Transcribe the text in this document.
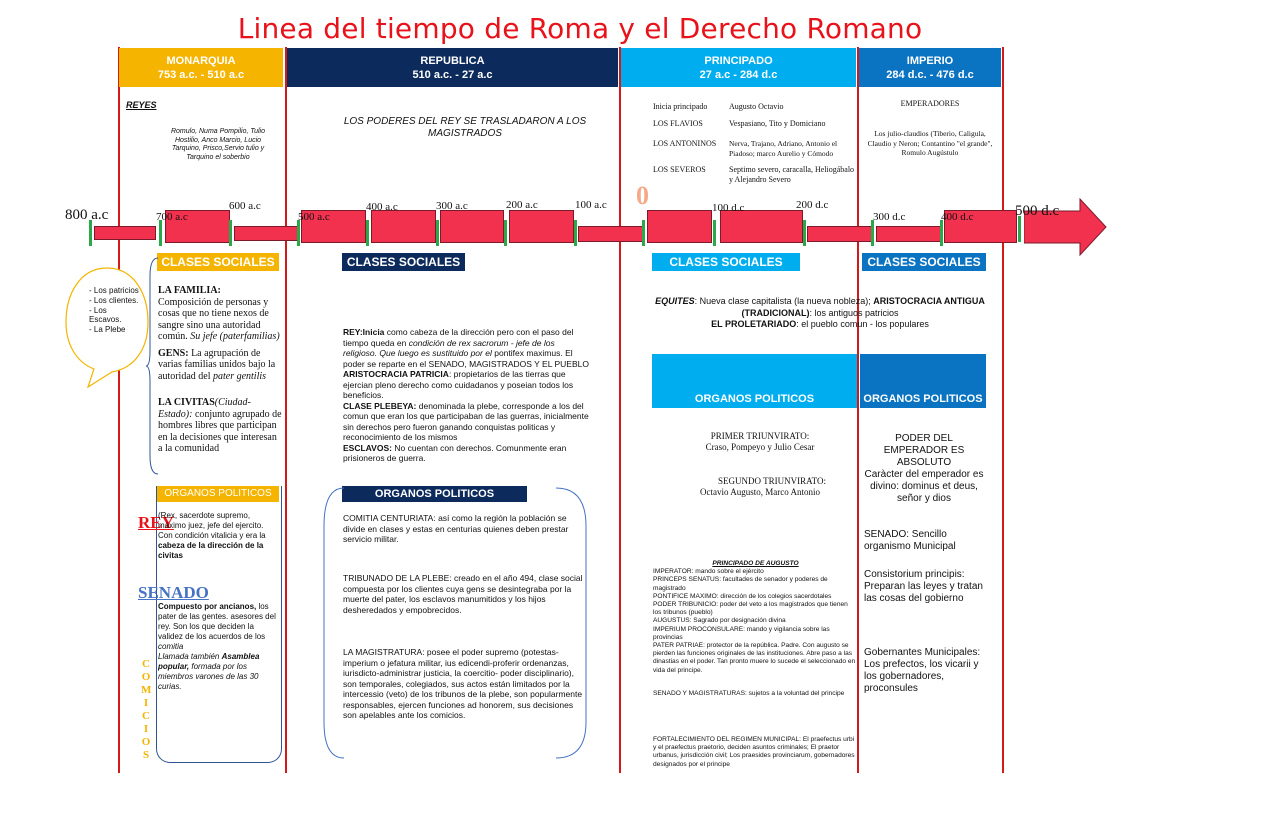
Linea del tiempo de Roma y el Derecho Romano
MONARQUIA
753 a.c. - 510 a.c
REPUBLICA
510 a.c. - 27 a.c
PRINCIPADO
27 a.c - 284 d.c
IMPERIO
284 d.c. - 476 d.c
REYES
Romulo, Numa Pompilio, Tulio Hostilio, Anco Marcio, Lucio Tarquino, Prisco,Servio tulio y Tarquino el soberbio
LOS PODERES DEL REY SE TRASLADARON A LOS MAGISTRADOS
Inicia principado	Augusto Octavio
LOS FLAVIOS	Vespasiano, Tito y Domiciano
LOS ANTONINOS	Nerva, Trajano, Adriano, Antonio el Piadoso; marco Aurelio y Cómodo
LOS SEVEROS	Septimo severo, caracalla, Heliogábalo y Alejandro Severo
EMPERADORES
Los julio-claudios (Tiberio, Caligula, Claudio y Neron; Contantino "el grande", Romulo Augústulo
800 a.c	700 a.c
600 a.c
500 a.c
400 a.c	300 a.c	200 a.c	100 a.c 0	100 d.c	200 d.c
300 d.c	400 d.c	500 d.c
CLASES SOCIALES	CLASES SOCIALES	CLASES SOCIALES	CLASES SOCIALES
- Los patricios
- Los clientes.
- Los Escavos.
- La Plebe

LA FAMILIA:

Composición de personas y cosas que no tiene nexos de sangre sino una autoridad común. Su jefe (paterfamilias)

GENS: La agrupación de varias familias unidos bajo la autoridad del pater gentilis

LA CIVITAS(Ciudad-Estado): conjunto agrupado de hombres libres que participan en la decisiones que interesan a la comunidad

REY:Inicia como cabeza de la dirección pero con el paso del tiempo queda en condición de rex sacrorum - jefe de los religioso. Que luego es sustituido por el pontifex maximus. El poder se reparte en el SENADO, MAGISTRADOS Y EL PUEBLO

ARISTOCRACIA PATRICIA: propietarios de las tierras que ejercian pleno derecho como cuidadanos y poseian todos los beneficios.

CLASE PLEBEYA: denominada la plebe, corresponde a los del comun que eran los que participaban de las guerras, inicialmente sin derechos pero fueron ganando conquistas politicas y reconocimiento de los mismos

ESCLAVOS: No cuentan con derechos. Comunmente eran prisioneros de guerra.

EQUITES: Nueva clase capitalista (la nueva nobleza); ARISTOCRACIA ANTIGUA (TRADICIONAL): los antiguos patricios
EL PROLETARIADO: el pueblo comun - los populares
ORGANOS POLITICOS	ORGANOS POLITICOS
ORGANOS POLITICOS	ORGANOS POLITICOS
REY
(Rex, sacerdote supremo, máximo juez, jefe del ejercito. Con condición vitalicia y era la cabeza de la dirección de la civitas
SENADO
Compuesto por ancianos, los pater de las gentes. asesores del rey. Son los que deciden la validez de los acuerdos de los comitia
Llamada también Asamblea popular, formada por los miembros varones de las 30 curias.
COMICIOS
COMITIA CENTURIATA: así como la región la población se divide en clases y estas en centurias quienes deben prestar servicio militar.
TRIBUNADO DE LA PLEBE: creado en el año 494, clase social compuesta por los clientes cuya gens se desintegraba por la muerte del pater, los esclavos manumitidos y los hijos desheredados y empobrecidos.
LA MAGISTRATURA: posee el poder supremo (potestas- imperium o jefatura militar, ius edicendi-proferir ordenanzas, iurisdicto-administrar justicia, la coercitio- poder disciplinario), son temporales, colegiados, sus actos están limitados por la intercessio (veto) de los tribunos de la plebe, son popularmente responsables, ejercen funciones ad honorem, sus decisiones son apelables ante los comicios.
PRIMER TRIUNVIRATO:
Craso, Pompeyo y Julio Cesar
SEGUNDO TRIUNVIRATO:
Octavio Augusto, Marco Antonio
PRINCIPADO DE AUGUSTO
IMPERATOR: mando sobre el ejército
PRINCEPS SENATUS: facultades de senador y poderes de magistrado
PONTIFICE MAXIMO: dirección de los colegios sacerdotales
PODER TRIBUNICIO: poder del veto a los magistrados que tienen los tribunos (pueblo)
AUGUSTUS: Sagrado por designación divina
IMPERIUM PROCONSULARE: mando y vigilancia sobre las provincias
PATER PATRIAE: protector de la república. Padre. Con augusto se pierden las funciones originales de las instituciones. Abre paso a las dinastias en el poder. Tan pronto muere lo sucede el seleccionado en vida del principe.
SENADO Y MAGISTRATURAS: sujetos a la voluntad del principe
FORTALECIMIENTO DEL REGIMEN MUNICIPAL: El praefectus urbi y el praefectus praetorio, deciden asuntos criminales; El praetor urbanus, jurisdicción civil; Los praesides provinciarum, gobernadores designados por el principe
PODER DEL EMPERADOR ES ABSOLUTO
Caràcter del emperador es divino: dominus et deus, señor y dios
SENADO: Sencillo organismo Municipal
Consistorium principis: Preparan las leyes y tratan las cosas del gobierno
Gobernantes Municipales: Los prefectos, los vicarii y los gobernadores, proconsules
